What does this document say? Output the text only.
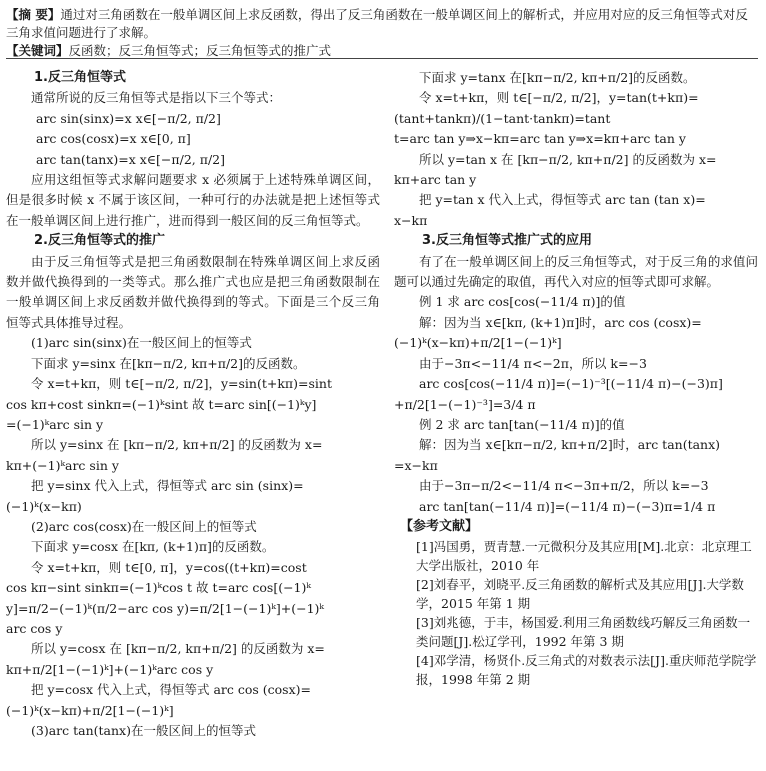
【摘 要】通过对三角函数在一般单调区间上求反函数，得出了反三角函数在一般单调区间上的解析式，并应用对应的反三角恒等式对反三角求值问题进行了求解。
【关键词】反函数；反三角恒等式；反三角恒等式的推广式
1.反三角恒等式
通常所说的反三角恒等式是指以下三个等式：
arc sin(sinx)=x x∈[−π/2, π/2]
arc cos(cosx)=x x∈[0, π]
arc tan(tanx)=x x∈[−π/2, π/2]
应用这组恒等式求解问题要求 x 必须属于上述特殊单调区间，但是很多时候 x 不属于该区间，一种可行的办法就是把上述恒等式在一般单调区间上进行推广，进而得到一般区间的反三角恒等式。
2.反三角恒等式的推广
由于反三角恒等式是把三角函数限制在特殊单调区间上求反函数并做代换得到的一类等式。那么推广式也应是把三角函数限制在一般单调区间上求反函数并做代换得到的等式。下面是三个反三角恒等式具体推导过程。
(1)arc sin(sinx)在一般区间上的恒等式
下面求 y=sinx 在[kπ−π/2, kπ+π/2]的反函数。
令 x=t+kπ，则 t∈[−π/2, π/2]，y=sin(t+kπ)=sint
cos kπ+cost sinkπ=(−1)ᵏsint 故 t=arc sin[(−1)ᵏy]
=(−1)ᵏarc sin y
所以 y=sinx 在 [kπ−π/2, kπ+π/2] 的反函数为 x=
kπ+(−1)ᵏarc sin y
把 y=sinx 代入上式，得恒等式 arc sin (sinx)=
(−1)ᵏ(x−kπ)
(2)arc cos(cosx)在一般区间上的恒等式
下面求 y=cosx 在[kπ, (k+1)π]的反函数。
令 x=t+kπ，则 t∈[0, π]，y=cos((t+kπ)=cost
cos kπ−sint sinkπ=(−1)ᵏcos t 故 t=arc cos[(−1)ᵏ
y]=π/2−(−1)ᵏ(π/2−arc cos y)=π/2[1−(−1)ᵏ]+(−1)ᵏ
arc cos y
所以 y=cosx 在 [kπ−π/2, kπ+π/2] 的反函数为 x=
kπ+π/2[1−(−1)ᵏ]+(−1)ᵏarc cos y
把 y=cosx 代入上式，得恒等式 arc cos (cosx)=
(−1)ᵏ(x−kπ)+π/2[1−(−1)ᵏ]
(3)arc tan(tanx)在一般区间上的恒等式
下面求 y=tanx 在[kπ−π/2, kπ+π/2]的反函数。
令 x=t+kπ，则 t∈[−π/2, π/2]，y=tan(t+kπ)=
(tant+tankπ)/(1−tant·tankπ)=tant
t=arc tan y⇒x−kπ=arc tan y⇒x=kπ+arc tan y
所以 y=tan x 在 [kπ−π/2, kπ+π/2] 的反函数为 x=
kπ+arc tan y
把 y=tan x 代入上式，得恒等式 arc tan (tan x)=
x−kπ
3.反三角恒等式推广式的应用
有了在一般单调区间上的反三角恒等式，对于反三角的求值问题可以通过先确定的取值，再代入对应的恒等式即可求解。
例 1 求 arc cos[cos(−11/4 π)]的值
解：因为当 x∈[kπ, (k+1)π]时，arc cos (cosx)=
(−1)ᵏ(x−kπ)+π/2[1−(−1)ᵏ]
由于−3π<−11/4 π<−2π，所以 k=−3
arc cos[cos(−11/4 π)]=(−1)⁻³[(−11/4 π)−(−3)π]
+π/2[1−(−1)⁻³]=3/4 π
例 2 求 arc tan[tan(−11/4 π)]的值
解：因为当 x∈[kπ−π/2, kπ+π/2]时，arc tan(tanx)
=x−kπ
由于−3π−π/2<−11/4 π<−3π+π/2，所以 k=−3
arc tan[tan(−11/4 π)]=(−11/4 π)−(−3)π=1/4 π
【参考文献】
[1]冯国勇，贾青慧.一元微积分及其应用[M].北京：北京理工大学出版社，2010 年
[2]刘春平，刘晓平.反三角函数的解析式及其应用[J].大学数学，2015 年第 1 期
[3]刘兆德，于丰，杨国爱.利用三角函数线巧解反三角函数一类问题[J].松辽学刊，1992 年第 3 期
[4]邓学清，杨贤仆.反三角式的对数表示法[J].重庆师范学院学报，1998 年第 2 期
